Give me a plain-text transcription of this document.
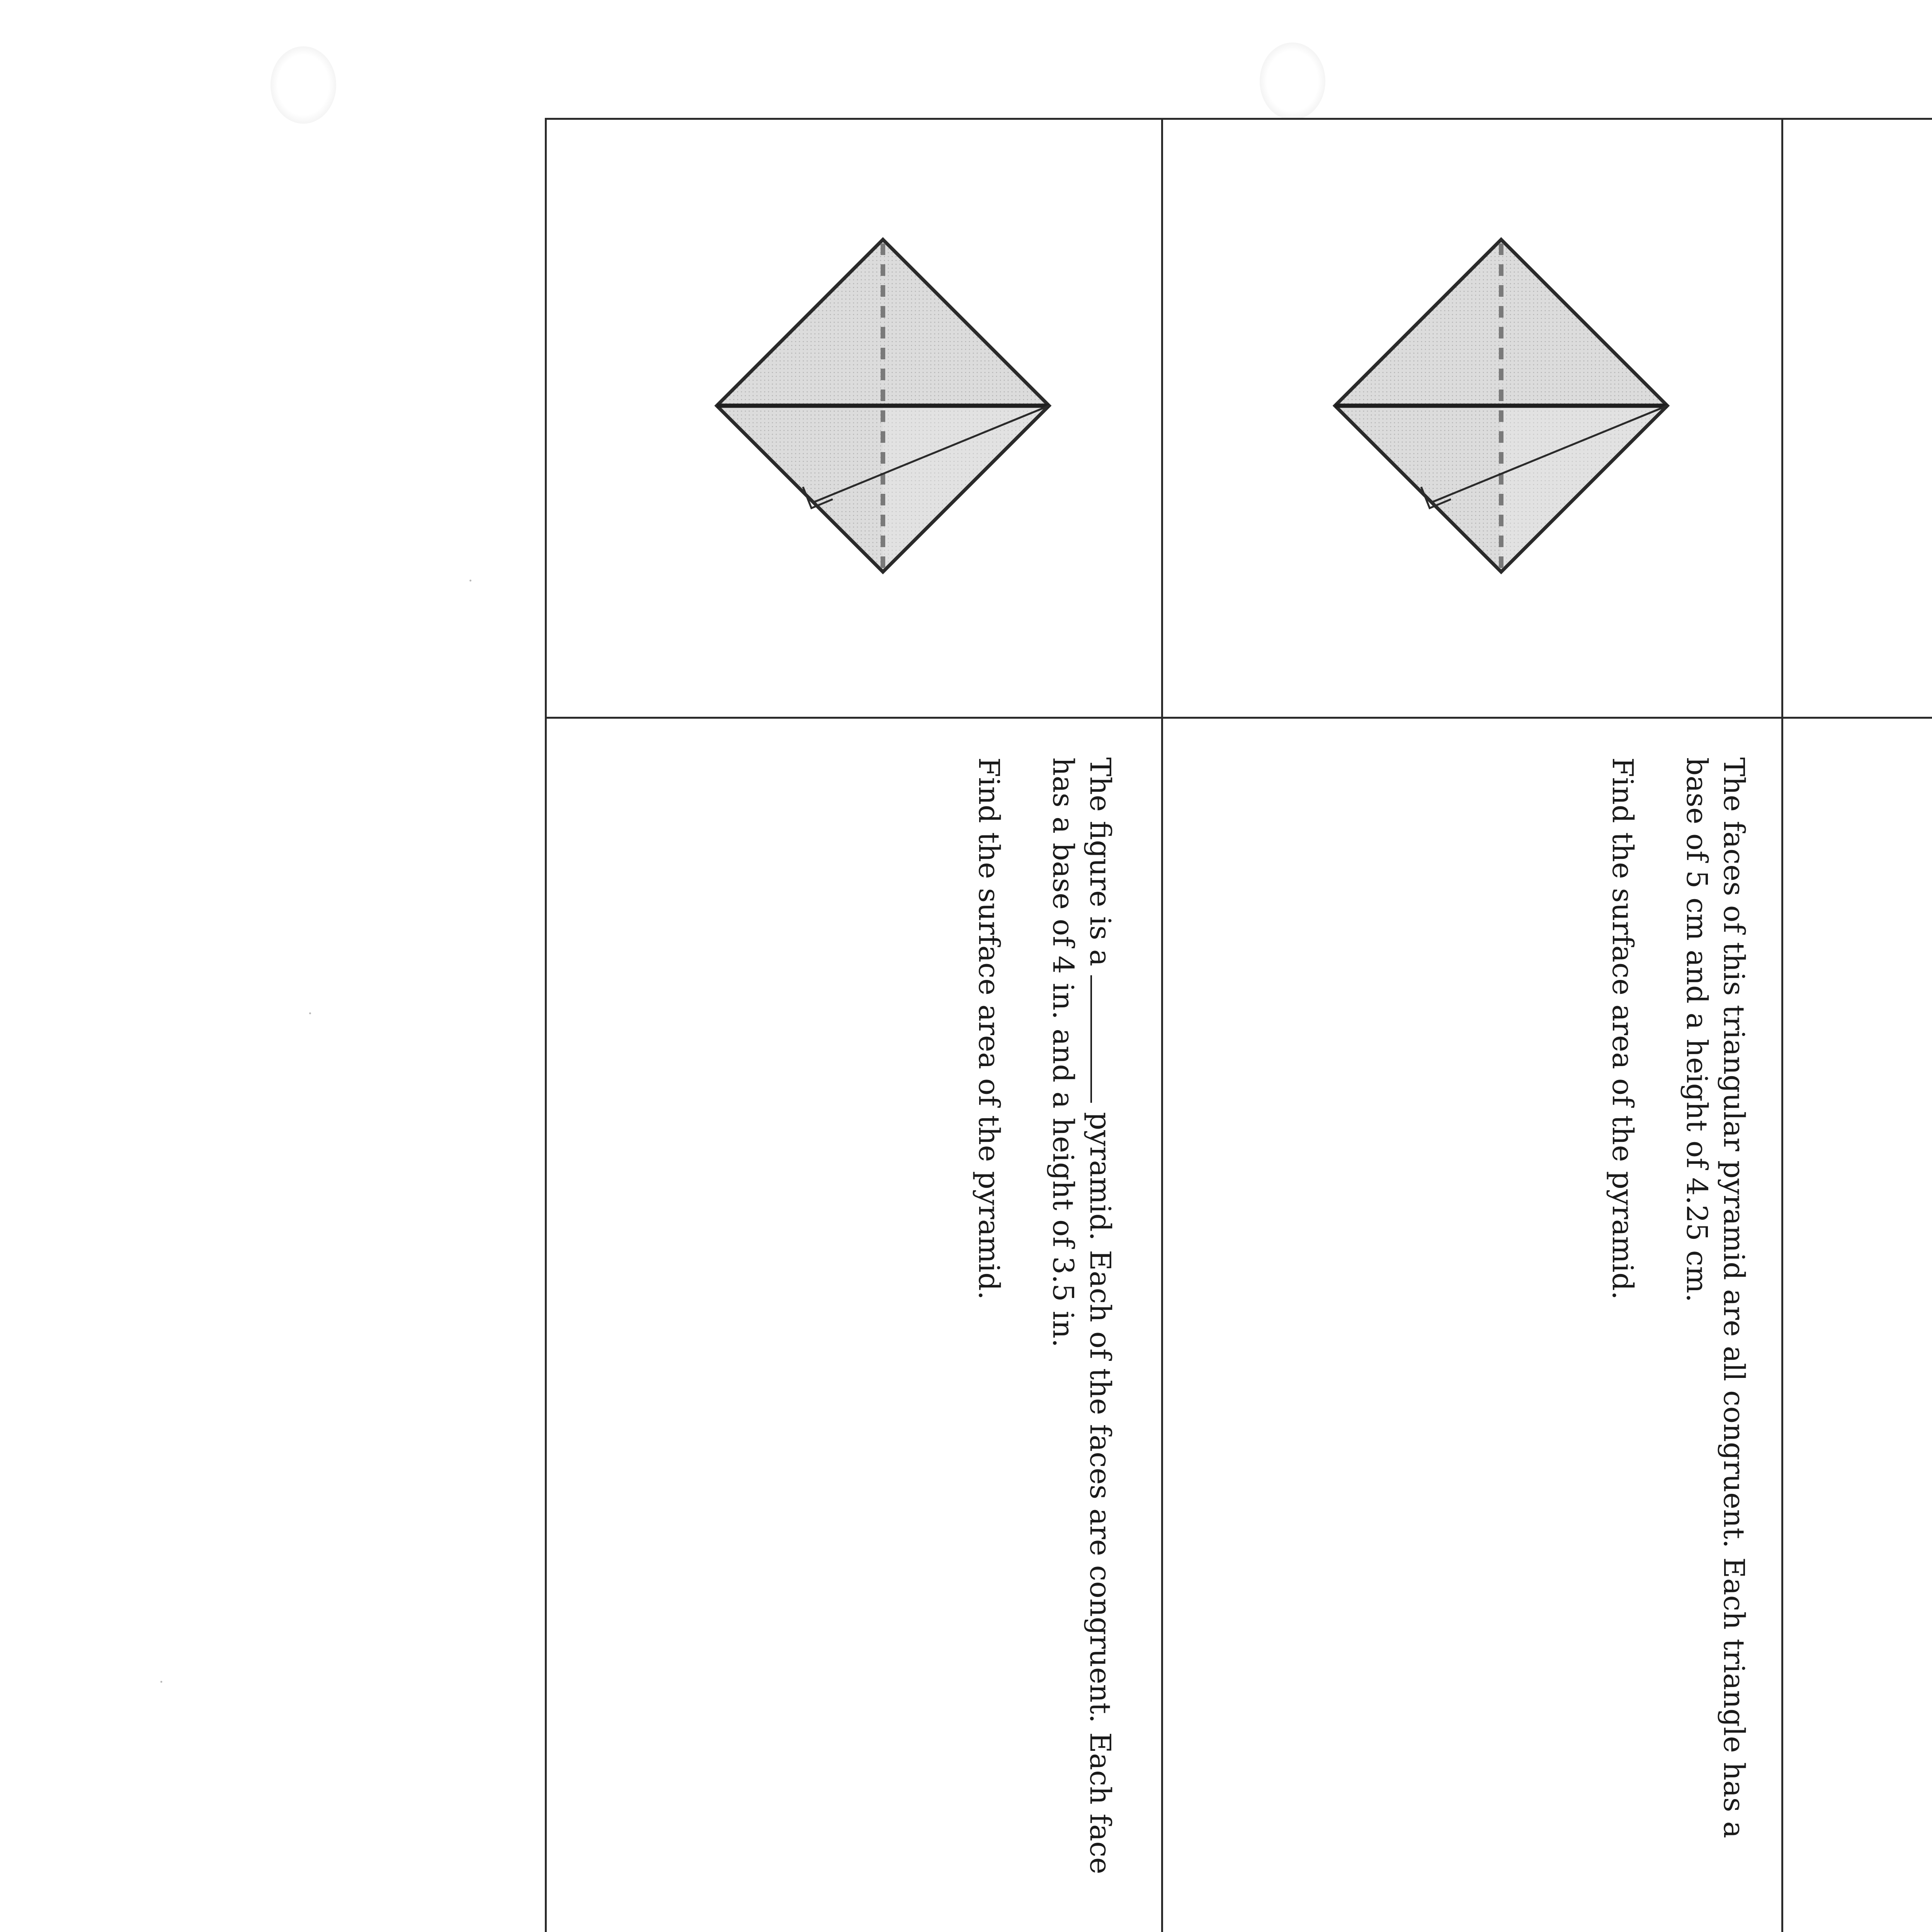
The faces of this triangular pyramid are all congruent. Each triangle has a base of 5 cm and a height of 4.25 cm.

Find the surface area of the pyramid.

The figure is a  pyramid. Each of the faces are congruent. Each face has a base of 4 in. and a height of 3.5 in.

Find the surface area of the pyramid.
